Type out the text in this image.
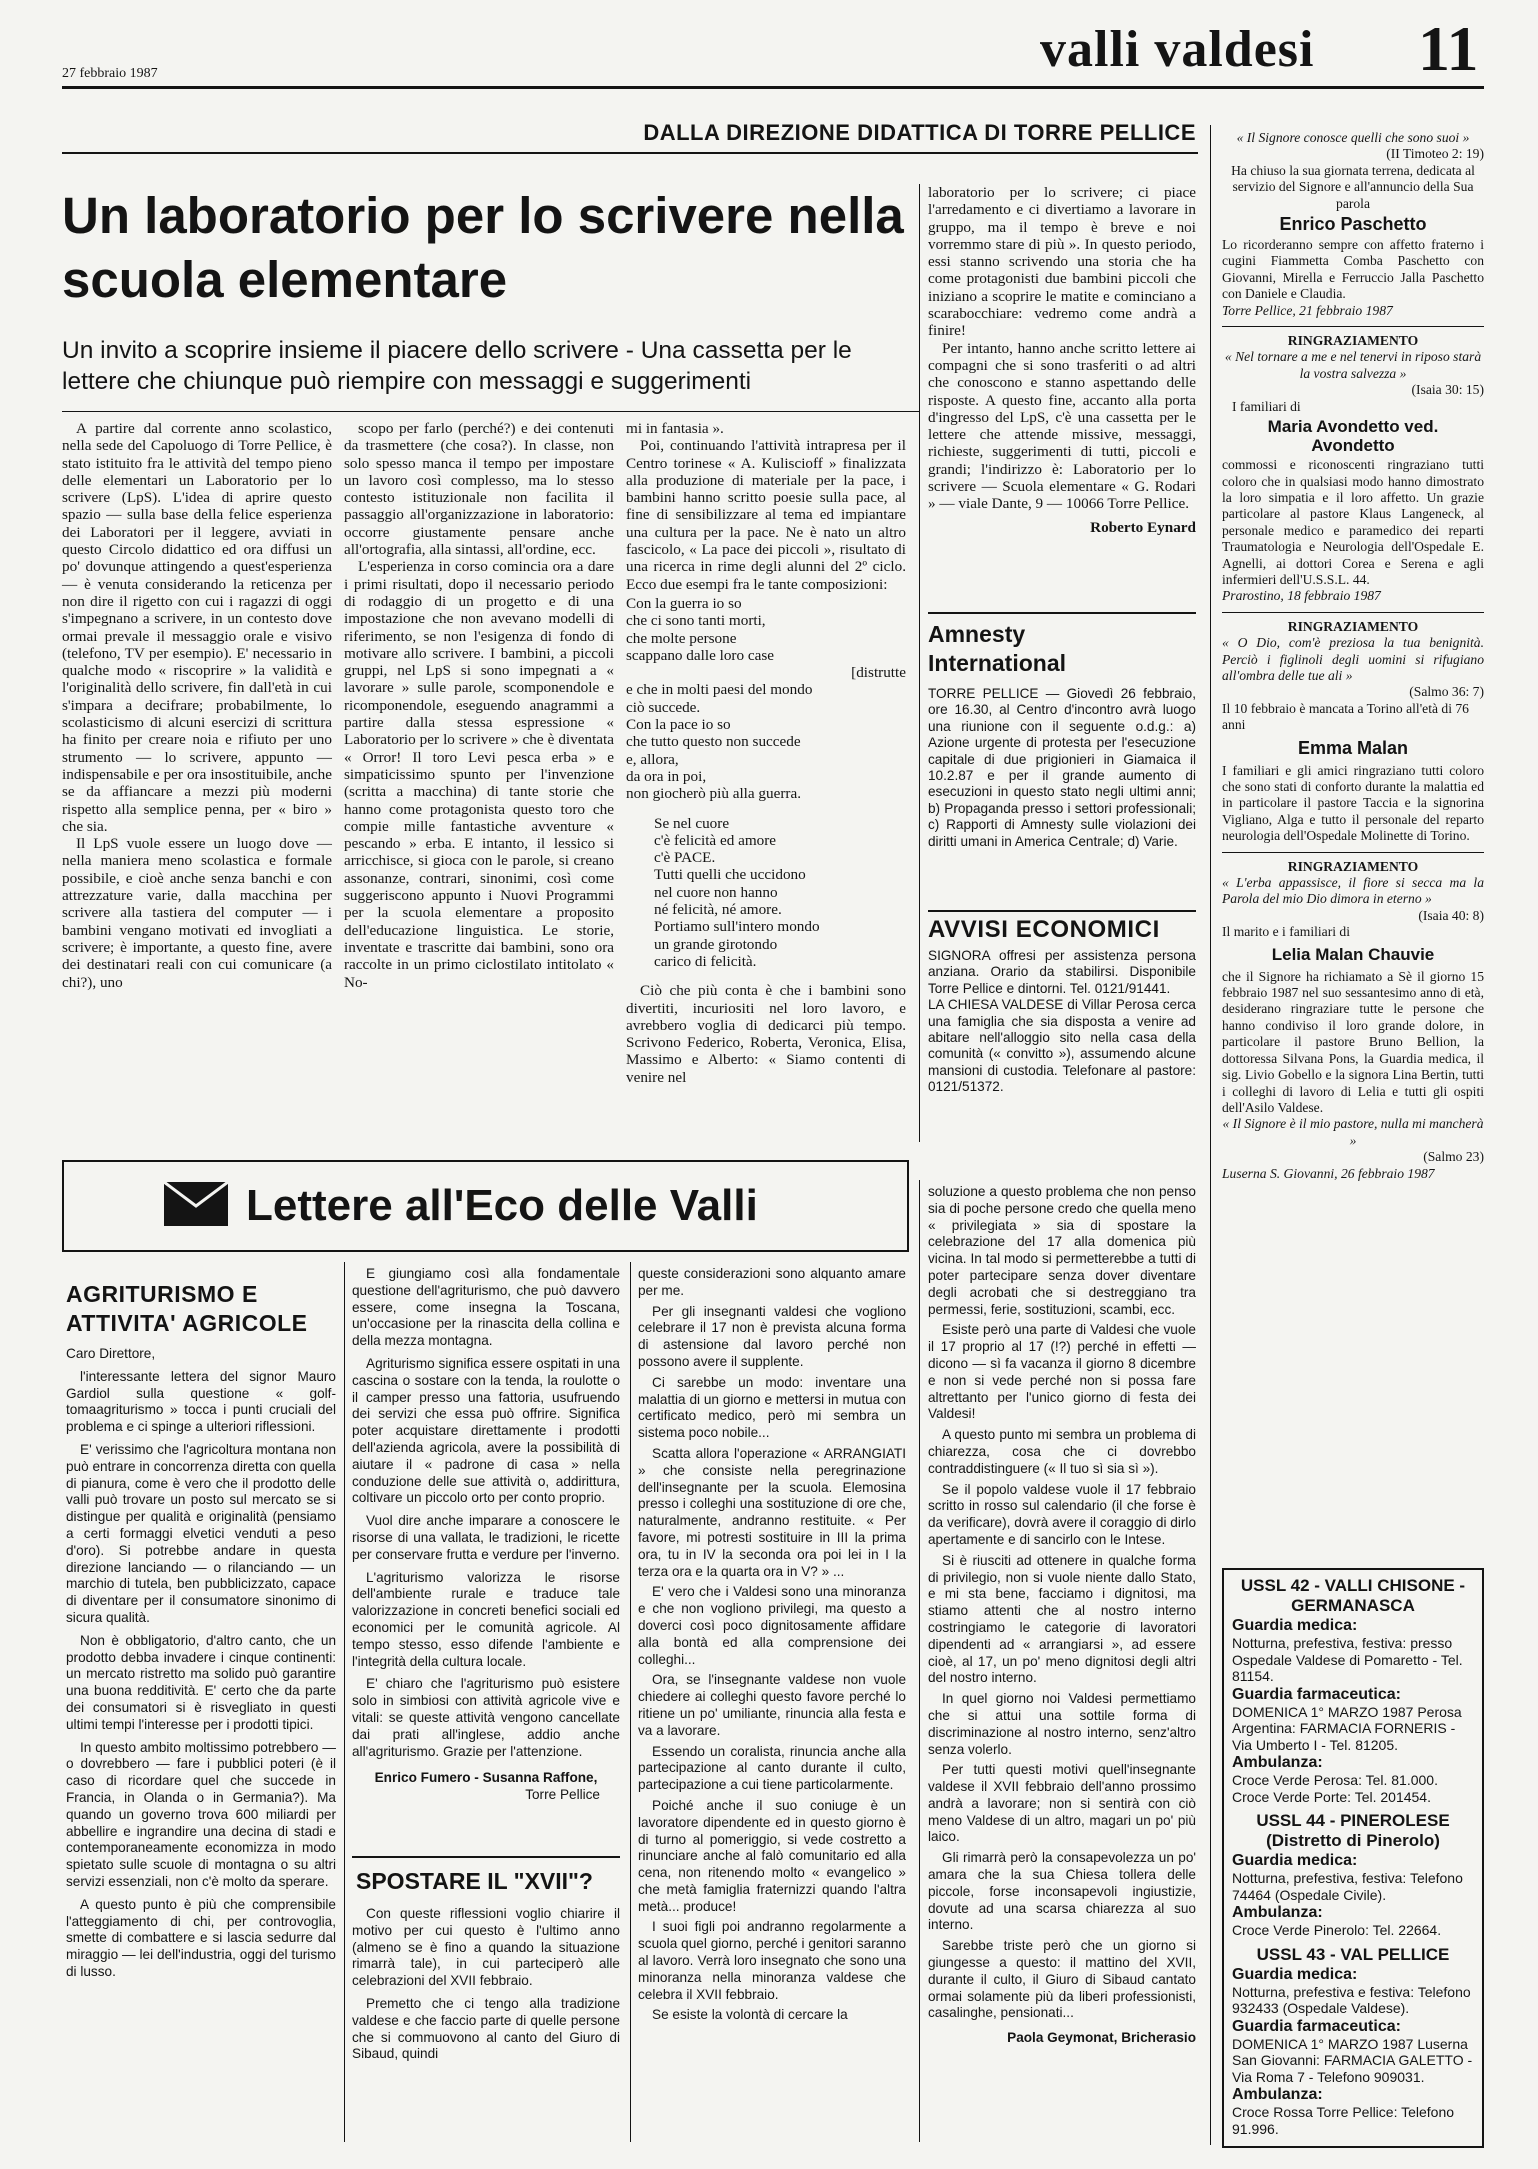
27 febbraio 1987	valli valdesi 11
DALLA DIREZIONE DIDATTICA DI TORRE PELLICE
Un laboratorio per lo scrivere nella scuola elementare
Un invito a scoprire insieme il piacere dello scrivere - Una cassetta per le lettere che chiunque può riempire con messaggi e suggerimenti

A partire dal corrente anno scolastico, nella sede del Capoluogo di Torre Pellice, è stato istituito fra le attività del tempo pieno delle elementari un Laboratorio per lo scrivere (LpS). L'idea di aprire questo spazio — sulla base della felice esperienza dei Laboratori per il leggere, avviati in questo Circolo didattico ed ora diffusi un po' dovunque attingendo a quest'esperienza — è venuta considerando la reticenza per non dire il rigetto con cui i ragazzi di oggi s'impegnano a scrivere, in un contesto dove ormai prevale il messaggio orale e visivo (telefono, TV per esempio). E' necessario in qualche modo « riscoprire » la validità e l'originalità dello scrivere, fin dall'età in cui s'impara a decifrare; probabilmente, lo scolasticismo di alcuni esercizi di scrittura ha finito per creare noia e rifiuto per uno strumento — lo scrivere, appunto — indispensabile e per ora insostituibile, anche se da affiancare a mezzi più moderni rispetto alla semplice penna, per « biro » che sia.

Il LpS vuole essere un luogo dove — nella maniera meno scolastica e formale possibile, e cioè anche senza banchi e con attrezzature varie, dalla macchina per scrivere alla tastiera del computer — i bambini vengano motivati ed invogliati a scrivere; è importante, a questo fine, avere dei destinatari reali con cui comunicare (a chi?), uno

scopo per farlo (perché?) e dei contenuti da trasmettere (che cosa?). In classe, non solo spesso manca il tempo per impostare un lavoro così complesso, ma lo stesso contesto istituzionale non facilita il passaggio all'organizzazione in laboratorio: occorre giustamente pensare anche all'ortografia, alla sintassi, all'ordine, ecc.

L'esperienza in corso comincia ora a dare i primi risultati, dopo il necessario periodo di rodaggio di un progetto e di una impostazione che non avevano modelli di riferimento, se non l'esigenza di fondo di motivare allo scrivere. I bambini, a piccoli gruppi, nel LpS si sono impegnati a « lavorare » sulle parole, scomponendole e ricomponendole, eseguendo anagrammi a partire dalla stessa espressione « Laboratorio per lo scrivere » che è diventata « Orror! Il toro Levi pesca erba » e simpaticissimo spunto per l'invenzione (scritta a macchina) di tante storie che hanno come protagonista questo toro che compie mille fantastiche avventure « pescando » erba. E intanto, il lessico si arricchisce, si gioca con le parole, si creano assonanze, contrari, sinonimi, così come suggeriscono appunto i Nuovi Programmi per la scuola elementare a proposito dell'educazione linguistica. Le storie, inventate e trascritte dai bambini, sono ora raccolte in un primo ciclostilato intitolato « No-

mi in fantasia ».

Poi, continuando l'attività intrapresa per il Centro torinese « A. Kuliscioff » finalizzata alla produzione di materiale per la pace, i bambini hanno scritto poesie sulla pace, al fine di sensibilizzare al tema ed impiantare una cultura per la pace. Ne è nato un altro fascicolo, « La pace dei piccoli », risultato di una ricerca in rime degli alunni del 2º ciclo. Ecco due esempi fra le tante composizioni:

Con la guerra io so
che ci sono tanti morti,
che molte persone
scappano dalle loro case
[distrutte
e che in molti paesi del mondo
ciò succede.
Con la pace io so
che tutto questo non succede
e, allora,
da ora in poi,
non giocherò più alla guerra.
Se nel cuore
c'è felicità ed amore
c'è PACE.
Tutti quelli che uccidono
nel cuore non hanno
né felicità, né amore.
Portiamo sull'intero mondo
un grande girotondo
carico di felicità.

Ciò che più conta è che i bambini sono divertiti, incuriositi nel loro lavoro, e avrebbero voglia di dedicarci più tempo. Scrivono Federico, Roberta, Veronica, Elisa, Massimo e Alberto: « Siamo contenti di venire nel

laboratorio per lo scrivere; ci piace l'arredamento e ci divertiamo a lavorare in gruppo, ma il tempo è breve e noi vorremmo stare di più ». In questo periodo, essi stanno scrivendo una storia che ha come protagonisti due bambini piccoli che iniziano a scoprire le matite e cominciano a scarabocchiare: vedremo come andrà a finire!

Per intanto, hanno anche scritto lettere ai compagni che si sono trasferiti o ad altri che conoscono e stanno aspettando delle risposte. A questo fine, accanto alla porta d'ingresso del LpS, c'è una cassetta per le lettere che attende missive, messaggi, richieste, suggerimenti di tutti, piccoli e grandi; l'indirizzo è: Laboratorio per lo scrivere — Scuola elementare « G. Rodari » — viale Dante, 9 — 10066 Torre Pellice.

Roberto Eynard
Amnesty International
TORRE PELLICE — Giovedì 26 febbraio, ore 16.30, al Centro d'incontro avrà luogo una riunione con il seguente o.d.g.: a) Azione urgente di protesta per l'esecuzione capitale di due prigionieri in Giamaica il 10.2.87 e per il grande aumento di esecuzioni in questo stato negli ultimi anni; b) Propaganda presso i settori professionali; c) Rapporti di Amnesty sulle violazioni dei diritti umani in America Centrale; d) Varie.
AVVISI ECONOMICI

SIGNORA offresi per assistenza persona anziana. Orario da stabilirsi. Disponibile Torre Pellice e dintorni. Tel. 0121/91441.

LA CHIESA VALDESE di Villar Perosa cerca una famiglia che sia disposta a venire ad abitare nell'alloggio sito nella casa della comunità (« convitto »), assumendo alcune mansioni di custodia. Telefonare al pastore: 0121/51372.

« Il Signore conosce quelli che sono suoi »
(II Timoteo 2: 19)
Ha chiuso la sua giornata terrena, dedicata al servizio del Signore e all'annuncio della Sua parola
Enrico Paschetto
Lo ricorderanno sempre con affetto fraterno i cugini Fiammetta Comba Paschetto con Giovanni, Mirella e Ferruccio Jalla Paschetto con Daniele e Claudia.
Torre Pellice, 21 febbraio 1987
RINGRAZIAMENTO
« Nel tornare a me e nel tenervi in riposo starà la vostra salvezza »
(Isaia 30: 15)
I familiari di
Maria Avondetto ved. Avondetto
commossi e riconoscenti ringraziano tutti coloro che in qualsiasi modo hanno dimostrato la loro simpatia e il loro affetto. Un grazie particolare al pastore Klaus Langeneck, al personale medico e paramedico dei reparti Traumatologia e Neurologia dell'Ospedale E. Agnelli, ai dottori Corea e Serena e agli infermieri dell'U.S.S.L. 44.
Prarostino, 18 febbraio 1987
RINGRAZIAMENTO
« O Dio, com'è preziosa la tua benignità. Perciò i figlinoli degli uomini si rifugiano all'ombra delle tue ali »
(Salmo 36: 7)
Il 10 febbraio è mancata a Torino all'età di 76 anni
Emma Malan
I familiari e gli amici ringraziano tutti coloro che sono stati di conforto durante la malattia ed in particolare il pastore Taccia e la signorina Vigliano, Alga e tutto il personale del reparto neurologia dell'Ospedale Molinette di Torino.
RINGRAZIAMENTO
« L'erba appassisce, il fiore si secca ma la Parola del mio Dio dimora in eterno »
(Isaia 40: 8)
Il marito e i familiari di
Lelia Malan Chauvie
che il Signore ha richiamato a Sè il giorno 15 febbraio 1987 nel suo sessantesimo anno di età, desiderano ringraziare tutte le persone che hanno condiviso il loro grande dolore, in particolare il pastore Bruno Bellion, la dottoressa Silvana Pons, la Guardia medica, il sig. Livio Gobello e la signora Lina Bertin, tutti i colleghi di lavoro di Lelia e tutti gli ospiti dell'Asilo Valdese.
« Il Signore è il mio pastore, nulla mi mancherà »
(Salmo 23)
Luserna S. Giovanni, 26 febbraio 1987
USSL 42 - VALLI CHISONE - GERMANASCA
Guardia medica:
Notturna, prefestiva, festiva: presso Ospedale Valdese di Pomaretto - Tel. 81154.
Guardia farmaceutica:
DOMENICA 1° MARZO 1987 Perosa Argentina: FARMACIA FORNERIS - Via Umberto I - Tel. 81205.
Ambulanza:
Croce Verde Perosa: Tel. 81.000. Croce Verde Porte: Tel. 201454.
USSL 44 - PINEROLESE (Distretto di Pinerolo)
Guardia medica:
Notturna, prefestiva, festiva: Telefono 74464 (Ospedale Civile).
Ambulanza:
Croce Verde Pinerolo: Tel. 22664.
USSL 43 - VAL PELLICE
Guardia medica:
Notturna, prefestiva e festiva: Telefono 932433 (Ospedale Valdese).
Guardia farmaceutica:
DOMENICA 1° MARZO 1987 Luserna San Giovanni: FARMACIA GALETTO - Via Roma 7 - Telefono 909031.
Ambulanza:
Croce Rossa Torre Pellice: Telefono 91.996.
Lettere all'Eco delle Valli
AGRITURISMO E ATTIVITA' AGRICOLE

Caro Direttore,

l'interessante lettera del signor Mauro Gardiol sulla questione « golf-tomaagriturismo » tocca i punti cruciali del problema e ci spinge a ulteriori riflessioni.

E' verissimo che l'agricoltura montana non può entrare in concorrenza diretta con quella di pianura, come è vero che il prodotto delle valli può trovare un posto sul mercato se si distingue per qualità e originalità (pensiamo a certi formaggi elvetici venduti a peso d'oro). Si potrebbe andare in questa direzione lanciando — o rilanciando — un marchio di tutela, ben pubblicizzato, capace di diventare per il consumatore sinonimo di sicura qualità.

Non è obbligatorio, d'altro canto, che un prodotto debba invadere i cinque continenti: un mercato ristretto ma solido può garantire una buona redditività. E' certo che da parte dei consumatori si è risvegliato in questi ultimi tempi l'interesse per i prodotti tipici.

In questo ambito moltissimo potrebbero — o dovrebbero — fare i pubblici poteri (è il caso di ricordare quel che succede in Francia, in Olanda o in Germania?). Ma quando un governo trova 600 miliardi per abbellire e ingrandire una decina di stadi e contemporaneamente economizza in modo spietato sulle scuole di montagna o su altri servizi essenziali, non c'è molto da sperare.

A questo punto è più che comprensibile l'atteggiamento di chi, per controvoglia, smette di combattere e si lascia sedurre dal miraggio — lei dell'industria, oggi del turismo di lusso.

E giungiamo così alla fondamentale questione dell'agriturismo, che può davvero essere, come insegna la Toscana, un'occasione per la rinascita della collina e della mezza montagna.

Agriturismo significa essere ospitati in una cascina o sostare con la tenda, la roulotte o il camper presso una fattoria, usufruendo dei servizi che essa può offrire. Significa poter acquistare direttamente i prodotti dell'azienda agricola, avere la possibilità di aiutare il « padrone di casa » nella conduzione delle sue attività o, addirittura, coltivare un piccolo orto per conto proprio.

Vuol dire anche imparare a conoscere le risorse di una vallata, le tradizioni, le ricette per conservare frutta e verdure per l'inverno.

L'agriturismo valorizza le risorse dell'ambiente rurale e traduce tale valorizzazione in concreti benefici sociali ed economici per le comunità agricole. Al tempo stesso, esso difende l'ambiente e l'integrità della cultura locale.

E' chiaro che l'agriturismo può esistere solo in simbiosi con attività agricole vive e vitali: se queste attività vengono cancellate dai prati all'inglese, addio anche all'agriturismo. Grazie per l'attenzione.

Enrico Fumero - Susanna Raffone,
Torre Pellice
SPOSTARE IL "XVII"?

Con queste riflessioni voglio chiarire il motivo per cui questo è l'ultimo anno (almeno se è fino a quando la situazione rimarrà tale), in cui parteciperò alle celebrazioni del XVII febbraio.

Premetto che ci tengo alla tradizione valdese e che faccio parte di quelle persone che si commuovono al canto del Giuro di Sibaud, quindi

queste considerazioni sono alquanto amare per me.

Per gli insegnanti valdesi che vogliono celebrare il 17 non è prevista alcuna forma di astensione dal lavoro perché non possono avere il supplente.

Ci sarebbe un modo: inventare una malattia di un giorno e mettersi in mutua con certificato medico, però mi sembra un sistema poco nobile...

Scatta allora l'operazione « ARRANGIATI » che consiste nella peregrinazione dell'insegnante per la scuola. Elemosina presso i colleghi una sostituzione di ore che, naturalmente, andranno restituite. « Per favore, mi potresti sostituire in III la prima ora, tu in IV la seconda ora poi lei in I la terza ora e la quarta ora in V? » ...

E' vero che i Valdesi sono una minoranza e che non vogliono privilegi, ma questo a doverci così poco dignitosamente affidare alla bontà ed alla comprensione dei colleghi...

Ora, se l'insegnante valdese non vuole chiedere ai colleghi questo favore perché lo ritiene un po' umiliante, rinuncia alla festa e va a lavorare.

Essendo un coralista, rinuncia anche alla partecipazione al canto durante il culto, partecipazione a cui tiene particolarmente.

Poiché anche il suo coniuge è un lavoratore dipendente ed in questo giorno è di turno al pomeriggio, si vede costretto a rinunciare anche al falò comunitario ed alla cena, non ritenendo molto « evangelico » che metà famiglia fraternizzi quando l'altra metà... produce!

I suoi figli poi andranno regolarmente a scuola quel giorno, perché i genitori saranno al lavoro. Verrà loro insegnato che sono una minoranza nella minoranza valdese che celebra il XVII febbraio.

Se esiste la volontà di cercare la

soluzione a questo problema che non penso sia di poche persone credo che quella meno « privilegiata » sia di spostare la celebrazione del 17 alla domenica più vicina. In tal modo si permetterebbe a tutti di poter partecipare senza dover diventare degli acrobati che si destreggiano tra permessi, ferie, sostituzioni, scambi, ecc.

Esiste però una parte di Valdesi che vuole il 17 proprio al 17 (!?) perché in effetti — dicono — sì fa vacanza il giorno 8 dicembre e non si vede perché non si possa fare altrettanto per l'unico giorno di festa dei Valdesi!

A questo punto mi sembra un problema di chiarezza, cosa che ci dovrebbo contraddistinguere (« Il tuo sì sia sì »).

Se il popolo valdese vuole il 17 febbraio scritto in rosso sul calendario (il che forse è da verificare), dovrà avere il coraggio di dirlo apertamente e di sancirlo con le Intese.

Si è riusciti ad ottenere in qualche forma di privilegio, non si vuole niente dallo Stato, e mi sta bene, facciamo i dignitosi, ma stiamo attenti che al nostro interno costringiamo le categorie di lavoratori dipendenti ad « arrangiarsi », ad essere cioè, al 17, un po' meno dignitosi degli altri del nostro interno.

In quel giorno noi Valdesi permettiamo che si attui una sottile forma di discriminazione al nostro interno, senz'altro senza volerlo.

Per tutti questi motivi quell'insegnante valdese il XVII febbraio dell'anno prossimo andrà a lavorare; non si sentirà con ciò meno Valdese di un altro, magari un po' più laico.

Gli rimarrà però la consapevolezza un po' amara che la sua Chiesa tollera delle piccole, forse inconsapevoli ingiustizie, dovute ad una scarsa chiarezza al suo interno.

Sarebbe triste però che un giorno si giungesse a questo: il mattino del XVII, durante il culto, il Giuro di Sibaud cantato ormai solamente più da liberi professionisti, casalinghe, pensionati...

Paola Geymonat, Bricherasio
